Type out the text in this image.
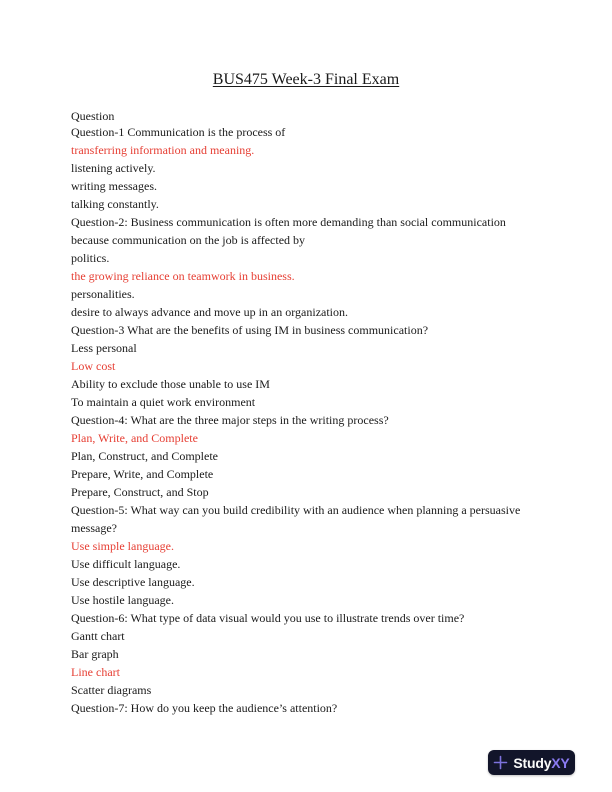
BUS475 Week-3 Final Exam
Question
Question-1 Communication is the process of
transferring information and meaning.
listening actively.
writing messages.
talking constantly.
Question-2: Business communication is often more demanding than social communication
because communication on the job is affected by
politics.
the growing reliance on teamwork in business.
personalities.
desire to always advance and move up in an organization.
Question-3 What are the benefits of using IM in business communication?
Less personal
Low cost
Ability to exclude those unable to use IM
To maintain a quiet work environment
Question-4: What are the three major steps in the writing process?
Plan, Write, and Complete
Plan, Construct, and Complete
Prepare, Write, and Complete
Prepare, Construct, and Stop
Question-5: What way can you build credibility with an audience when planning a persuasive
message?
Use simple language.
Use difficult language.
Use descriptive language.
Use hostile language.
Question-6: What type of data visual would you use to illustrate trends over time?
Gantt chart
Bar graph
Line chart
Scatter diagrams
Question-7: How do you keep the audience’s attention?
StudyXY
